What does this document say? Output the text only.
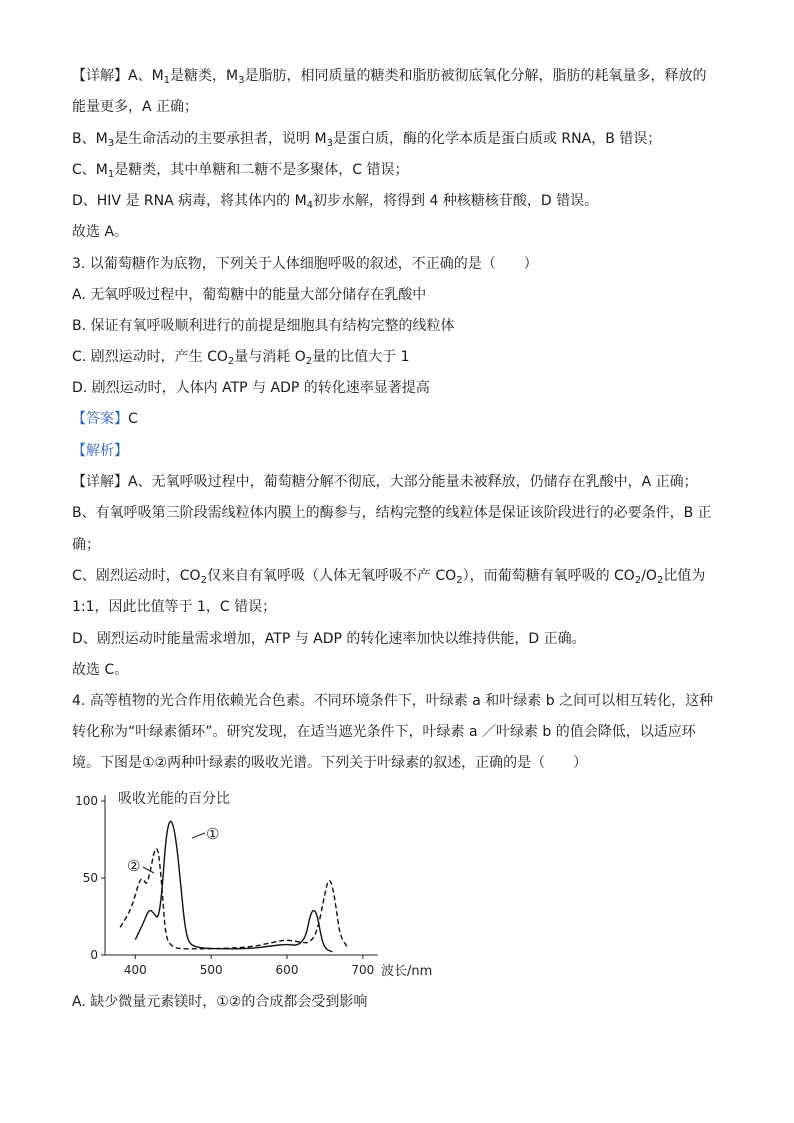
【详解】A、$M_1$是糖类，$M_3$是脂肪，相同质量的糖类和脂肪被彻底氧化分解，脂肪的耗氧量多，释放的
能量更多，A 正确；
B、$M_3$是生命活动的主要承担者，说明 $M_3$是蛋白质，酶的化学本质是蛋白质或 RNA，B 错误；
C、$M_1$是糖类，其中单糖和二糖不是多聚体，C 错误；
D、HIV 是 RNA 病毒，将其体内的 $M_4$初步水解，将得到 4 种核糖核苷酸，D 错误。
故选 A。
3. 以葡萄糖作为底物，下列关于人体细胞呼吸的叙述，不正确的是（　　）
A. 无氧呼吸过程中，葡萄糖中的能量大部分储存在乳酸中
B. 保证有氧呼吸顺利进行的前提是细胞具有结构完整的线粒体
C. 剧烈运动时，产生 $CO_2$量与消耗 $O_2$量的比值大于 1
D. 剧烈运动时，人体内 ATP 与 ADP 的转化速率显著提高
【答案】C
【解析】
【详解】A、无氧呼吸过程中，葡萄糖分解不彻底，大部分能量未被释放，仍储存在乳酸中，A 正确；
B、有氧呼吸第三阶段需线粒体内膜上的酶参与，结构完整的线粒体是保证该阶段进行的必要条件，B 正
确；
C、剧烈运动时，$CO_2$仅来自有氧呼吸（人体无氧呼吸不产 $CO_2$），而葡萄糖有氧呼吸的 $CO_2/O_2$比值为
1:1，因此比值等于 1，C 错误；
D、剧烈运动时能量需求增加，ATP 与 ADP 的转化速率加快以维持供能，D 正确。
故选 C。
4. 高等植物的光合作用依赖光合色素。不同环境条件下，叶绿素 a 和叶绿素 b 之间可以相互转化，这种
转化称为“叶绿素循环”。研究发现，在适当遮光条件下，叶绿素 a ／叶绿素 b 的值会降低，以适应环
境。下图是①②两种叶绿素的吸收光谱。下列关于叶绿素的叙述，正确的是（　　）
400	500	600	700
0
50
100 吸收光能的百分比
波长/nm
①
②
A. 缺少微量元素镁时，①②的合成都会受到影响
